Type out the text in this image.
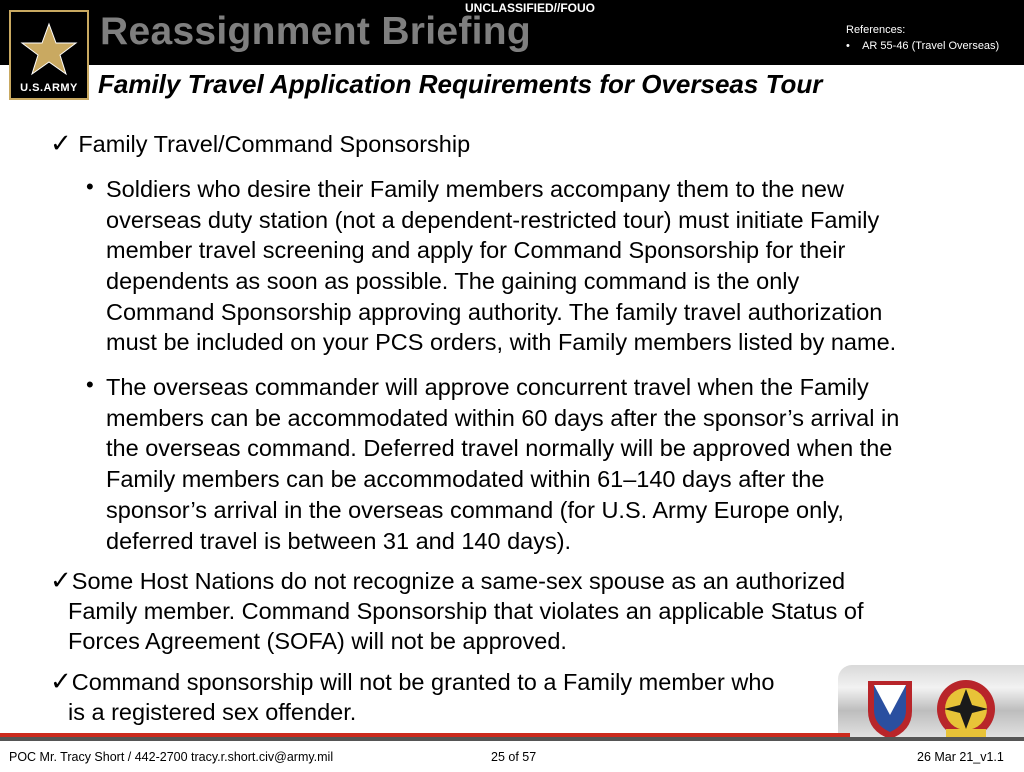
UNCLASSIFIED//FOUO
U.S.ARMY
Reassignment Briefing	References:
•    AR 55-46 (Travel Overseas)
Family Travel Application Requirements for Overseas Tour
✓ Family Travel/Command Sponsorship
• Soldiers who desire their Family members accompany them to the new
overseas duty station (not a dependent-restricted tour) must initiate Family
member travel screening and apply for Command Sponsorship for their
dependents as soon as possible. The gaining command is the only
Command Sponsorship approving authority. The family travel authorization
must be included on your PCS orders, with Family members listed by name.
• The overseas commander will approve concurrent travel when the Family
members can be accommodated within 60 days after the sponsor’s arrival in
the overseas command. Deferred travel normally will be approved when the
Family members can be accommodated within 61–140 days after the
sponsor’s arrival in the overseas command (for U.S. Army Europe only,
deferred travel is between 31 and 140 days).
✓Some Host Nations do not recognize a same-sex spouse as an authorized
Family member. Command Sponsorship that violates an applicable Status of
Forces Agreement (SOFA) will not be approved.
✓Command sponsorship will not be granted to a Family member who
is a registered sex offender.
POC Mr. Tracy Short / 442-2700 tracy.r.short.civ@army.mil	25 of 57	26 Mar 21_v1.1
